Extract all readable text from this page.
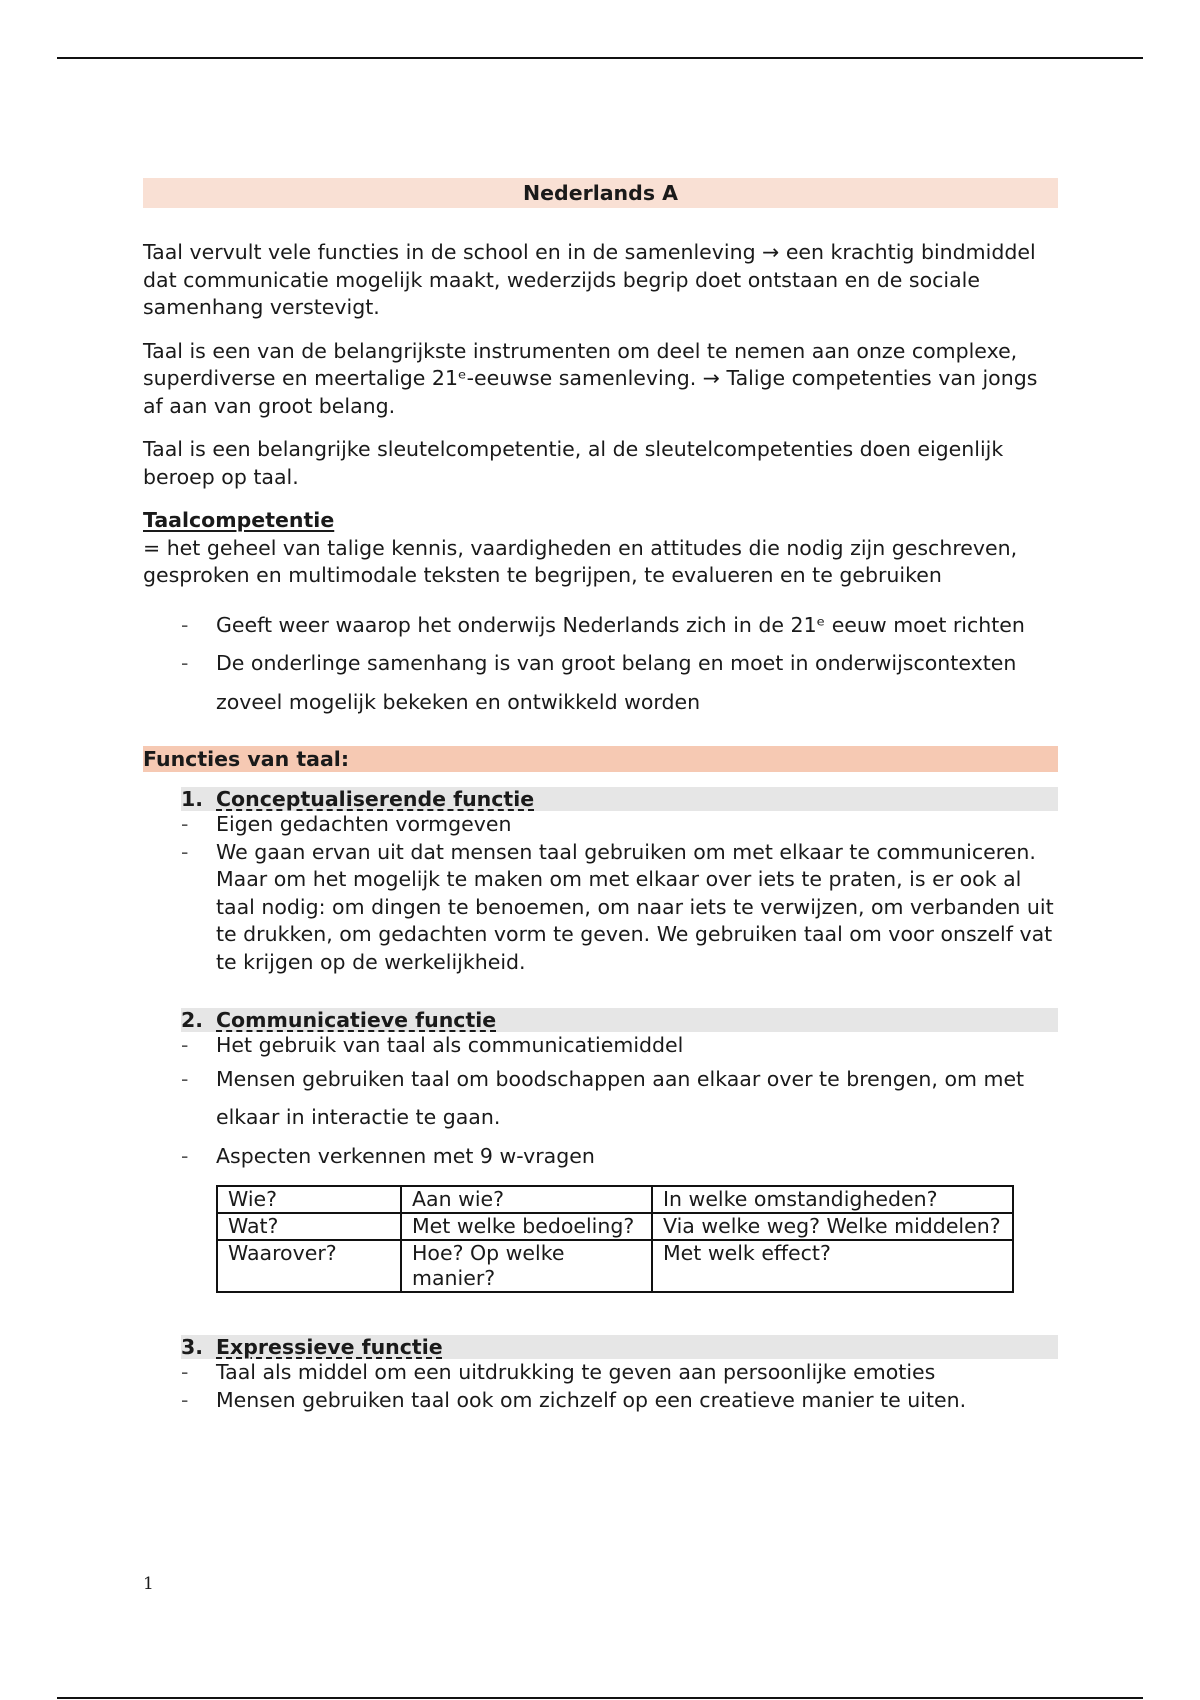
Nederlands A

Taal vervult vele functies in de school en in de samenleving → een krachtig bindmiddel dat communicatie mogelijk maakt, wederzijds begrip doet ontstaan en de sociale samenhang verstevigt.

Taal is een van de belangrijkste instrumenten om deel te nemen aan onze complexe, superdiverse en meertalige 21ᵉ-eeuwse samenleving. → Talige competenties van jongs af aan van groot belang.

Taal is een belangrijke sleutelcompetentie, al de sleutelcompetenties doen eigenlijk beroep op taal.

Taalcompetentie
= het geheel van talige kennis, vaardigheden en attitudes die nodig zijn geschreven, gesproken en multimodale teksten te begrijpen, te evalueren en te gebruiken
- Geeft weer waarop het onderwijs Nederlands zich in de 21ᵉ eeuw moet richten
- De onderlinge samenhang is van groot belang en moet in onderwijscontexten zoveel mogelijk bekeken en ontwikkeld worden
Functies van taal:
1. Conceptualiserende functie
- Eigen gedachten vormgeven
- We gaan ervan uit dat mensen taal gebruiken om met elkaar te communiceren. Maar om het mogelijk te maken om met elkaar over iets te praten, is er ook al taal nodig: om dingen te benoemen, om naar iets te verwijzen, om verbanden uit te drukken, om gedachten vorm te geven. We gebruiken taal om voor onszelf vat te krijgen op de werkelijkheid.
2. Communicatieve functie
- Het gebruik van taal als communicatiemiddel
- Mensen gebruiken taal om boodschappen aan elkaar over te brengen, om met elkaar in interactie te gaan.
- Aspecten verkennen met 9 w-vragen
Wie?	Aan wie?	In welke omstandigheden?
Wat?	Met welke bedoeling?	Via welke weg? Welke middelen?
Waarover?	Hoe? Op welke manier?	Met welk effect?
3. Expressieve functie
- Taal als middel om een uitdrukking te geven aan persoonlijke emoties
- Mensen gebruiken taal ook om zichzelf op een creatieve manier te uiten.
1
